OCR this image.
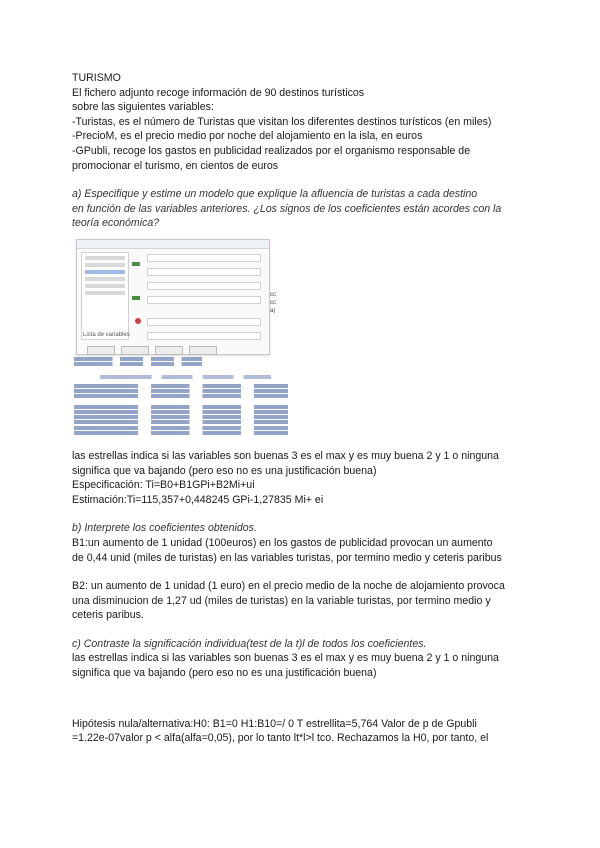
TURISMO
El fichero adjunto recoge información de 90 destinos turísticos
sobre las siguientes variables:
-Turistas, es el número de Turistas que visitan los diferentes destinos turísticos (en miles)
-PrecioM, es el precio medio por noche del alojamiento en la isla, en euros
-GPubli, recoge los gastos en publicidad realizados por el organismo responsable de
promocionar el turismo, en cientos de euros
a) Especifique y estime un modelo que explique la afluencia de turistas a cada destino
en función de las variables anteriores. ¿Los signos de los coeficientes están acordes con la
teoría económica?
Lista de variables
cc
cc
a)
las estrellas indica si las variables son buenas 3 es el max y es muy buena 2 y 1 o ninguna
significa que va bajando (pero eso no es una justificación buena)
Especificación: Ti=B0+B1GPi+B2Mi+ui
Estimación:Ti=115,357+0,448245 GPi-1,27835 Mi+ ei
b) Interprete los coeficientes obtenidos.
B1:un aumento de 1 unidad (100euros) en los gastos de publicidad provocan un aumento
de 0,44 unid (miles de turistas) en las variables turistas, por termino medio y ceteris paribus
B2: un aumento de 1 unidad (1 euro) en el precio medio de la noche de alojamiento provoca
una disminucion de 1,27 ud (miles de turistas) en la variable turistas, por termino medio y
ceteris paribus.
c) Contraste la significación individua(test de la t)l de todos los coeficientes.
las estrellas indica si las variables son buenas 3 es el max y es muy buena 2 y 1 o ninguna
significa que va bajando (pero eso no es una justificación buena)
Hipótesis nula/alternativa:H0: B1=0 H1:B10=/ 0 T estrellita=5,764 Valor de p de Gpubli
=1.22e-07valor p < alfa(alfa=0,05), por lo tanto lt*l>l tco. Rechazamos la H0, por tanto, el
